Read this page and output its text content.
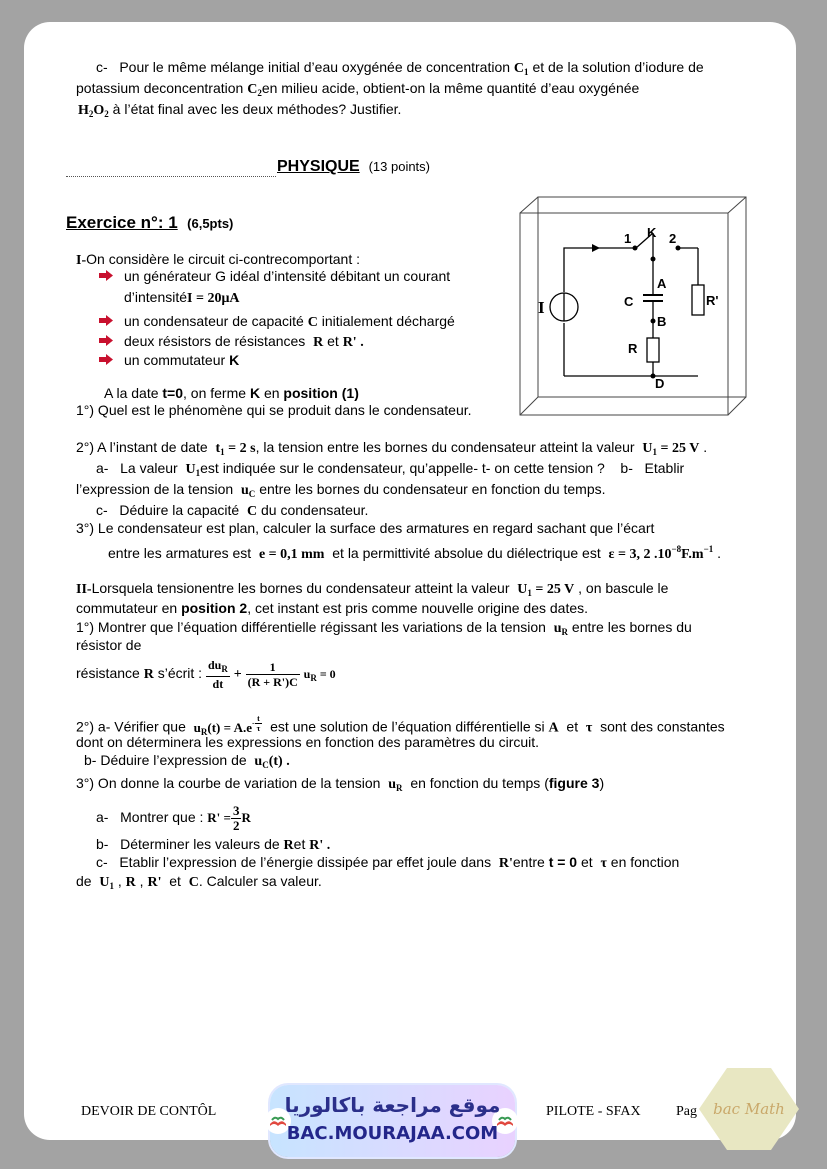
c- Pour le même mélange initial d’eau oxygénée de concentration $C_1$ et de la solution d’iodure de
potassium deconcentration $C_2en$ milieu acide, obtient-on la même quantité d’eau oxygénée
$H_2O_2$ à l’état final avec les deux méthodes? Justifier.
PHYSIQUE (13 points)
Exercice n°: 1 (6,5pts)
I-On considère le circuit ci-contrecomportant :
un générateur G idéal d’intensité débitant un courant
d’intensitéI = 20μA
un condensateur de capacité C initialement déchargé
deux résistors de résistances R et R' .
un commutateur K
A la date t=0, on ferme K en position (1)
1°) Quel est le phénomène qui se produit dans le condensateur.
1 K 2
A
C
B
R
R'
D
I
2°) A l’instant de date $t_1 = 2$ s, la tension entre les bornes du condensateur atteint la valeur $U_1 = 25$ V .
a- La valeur $U_1est$ indiquée sur le condensateur, qu’appelle- t- on cette tension ? b- Etablir
l’expression de la tension $u_C$ entre les bornes du condensateur en fonction du temps.
c- Déduire la capacité C du condensateur.
3°) Le condensateur est plan, calculer la surface des armatures en regard sachant que l’écart
entre les armatures est e = 0,1 mm et la permittivité absolue du diélectrique est ε = 3, 2 $.10^{-8}F.m^{-1}$ .
II-Lorsquela tensionentre les bornes du condensateur atteint la valeur $U_1 = 25$ V , on bascule le
commutateur en position 2, cet instant est pris comme nouvelle origine des dates.
1°) Montrer que l’équation différentielle régissant les variations de la tension $u_R$ entre les bornes du
résistor de
résistance R s’écrit : $\frac{du_R}{dt} + \frac{1}{(R + R')C} u_R = 0$
2°) a- Vérifier que $u_R(t) = A.e- \frac{t}{\tau}$ est une solution de l’équation différentielle si A et τ sont des constantes
dont on déterminera les expressions en fonction des paramètres du circuit.
b- Déduire l’expression de $u_C(t)$ .
3°) On donne la courbe de variation de la tension $u_R$ en fonction du temps (figure 3)
a- Montrer que : $R' = \frac{3}{2}$ R
b- Déterminer les valeurs de Ret R' .
c- Etablir l’expression de l’énergie dissipée par effet joule dans R'entre t = 0 et τ en fonction
de $U_1$ , R , R' et C. Calculer sa valeur.
DEVOIR DE CONTÔL	PILOTE - SFAX	Pag
موقع مراجعة باكالوريا
BAC.MOURAJAA.COM
bac Math
